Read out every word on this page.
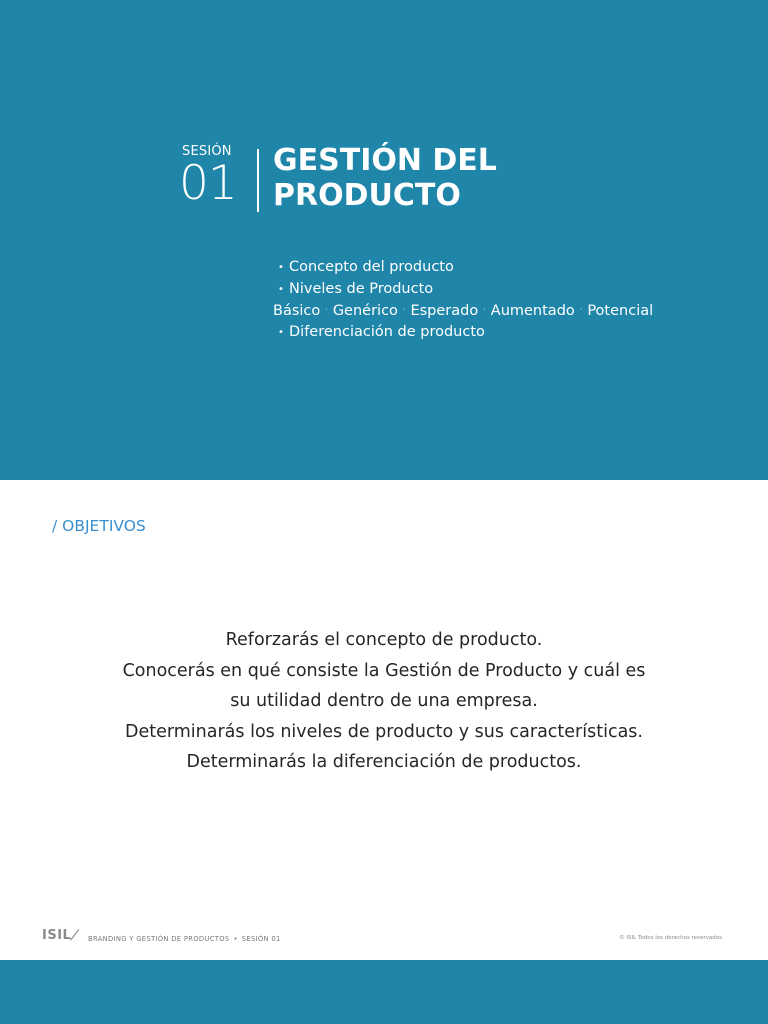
SESIÓN
01 GESTIÓN DEL
PRODUCTO
• Concepto del producto
• Niveles de Producto
Básico · Genérico · Esperado · Aumentado · Potencial
• Diferenciación de producto
/ OBJETIVOS
Reforzarás el concepto de producto.
Conocerás en qué consiste la Gestión de Producto y cuál es
su utilidad dentro de una empresa.
Determinarás los niveles de producto y sus características.
Determinarás la diferenciación de productos.
ISIL/ BRANDING Y GESTIÓN DE PRODUCTOS • SESIÓN 01	© ISIL Todos los derechos reservados
